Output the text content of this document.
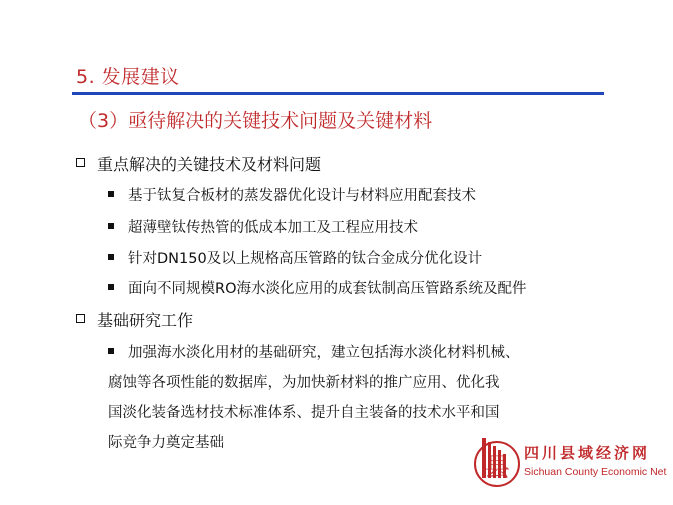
5. 发展建议
（3）亟待解决的关键技术问题及关键材料
重点解决的关键技术及材料问题
基于钛复合板材的蒸发器优化设计与材料应用配套技术
超薄壁钛传热管的低成本加工及工程应用技术
针对DN150及以上规格高压管路的钛合金成分优化设计
面向不同规模RO海水淡化应用的成套钛制高压管路系统及配件
基础研究工作
加强海水淡化用材的基础研究，建立包括海水淡化材料机械、
腐蚀等各项性能的数据库，为加快新材料的推广应用、优化我
国淡化装备选材技术标准体系、提升自主装备的技术水平和国
际竞争力奠定基础
县 四川县域经济网
Sichuan County Economic Net
